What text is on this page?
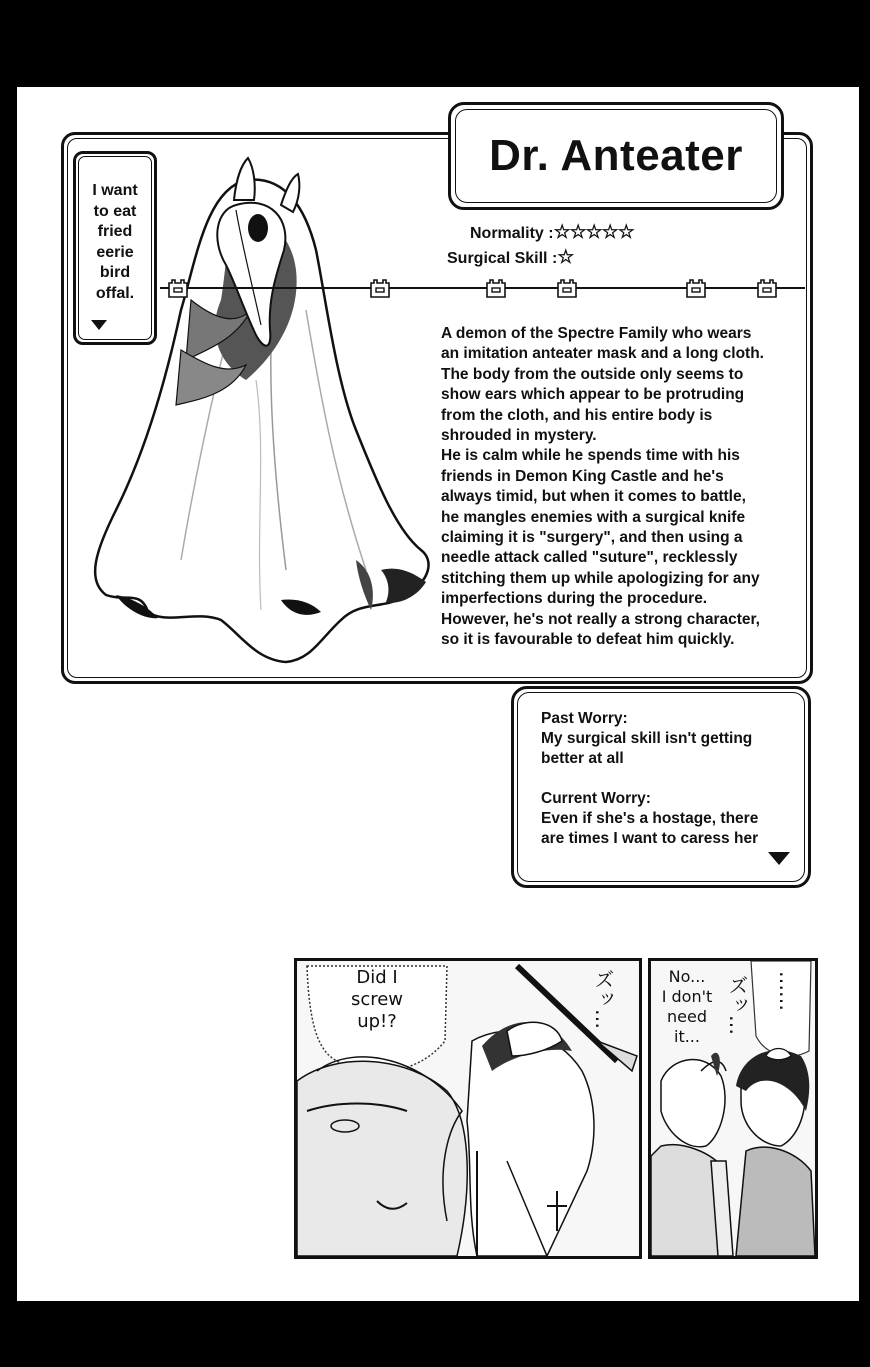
I want
to eat
fried
eerie
bird
offal.
Dr. Anteater
Normality :☆☆☆☆☆
Surgical Skill :☆
A demon of the Spectre Family who wears
an imitation anteater mask and a long cloth.
The body from the outside only seems to
show ears which appear to be protruding
from the cloth, and his entire body is
shrouded in mystery.
He is calm while he spends time with his
friends in Demon King Castle and he's
always timid, but when it comes to battle,
he mangles enemies with a surgical knife
claiming it is "surgery", and then using a
needle attack called "suture", recklessly
stitching them up while apologizing for any
imperfections during the procedure.
However, he's not really a strong character,
so it is favourable to defeat him quickly.
Past Worry:
My surgical skill isn't getting
better at all
Current Worry:
Even if she's a hostage, there
are times I want to caress her
Did I
screw
up!?	ズッ…	No...
I don't
need
it...
ズッ… ……
